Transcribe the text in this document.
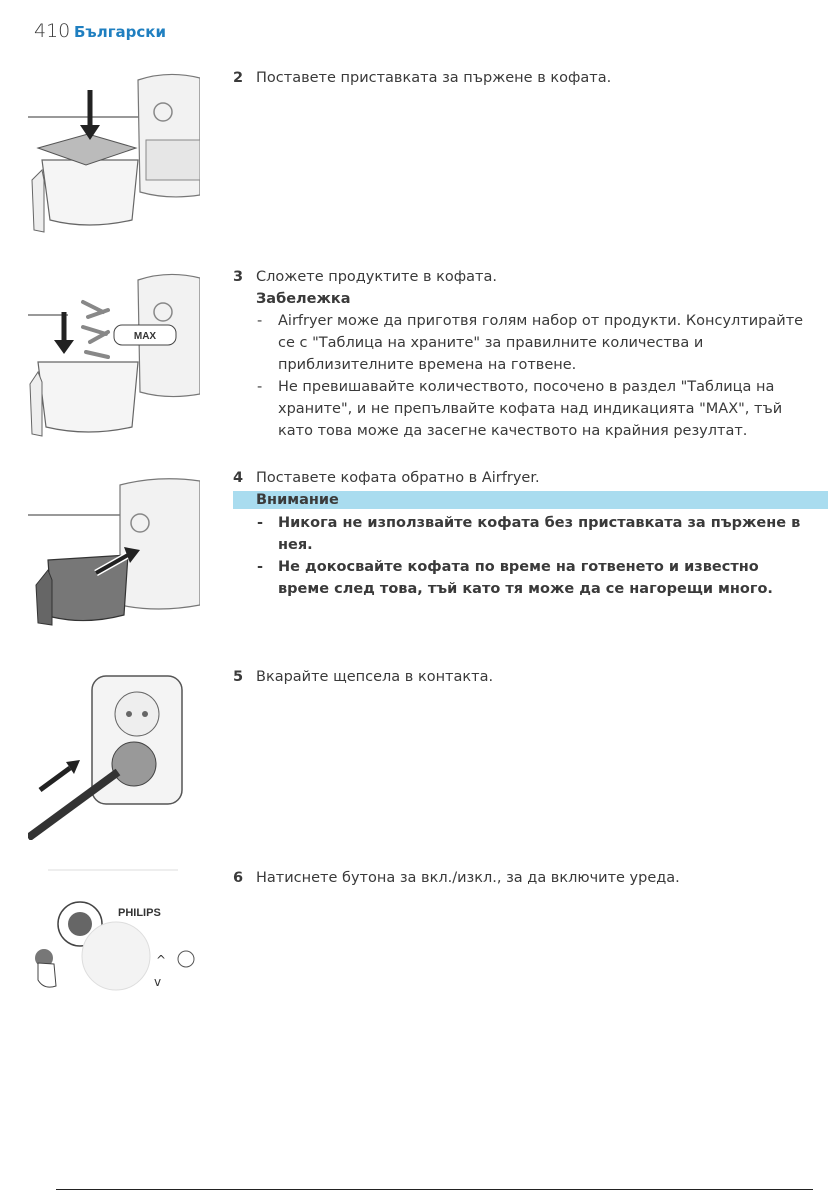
410 Български
MAX
PHILIPS
^
v
2 Поставете приставката за пържене в кофата.
3 Сложете продуктите в кофата.
Забележка
- Airfryer може да приготвя голям набор от продукти. Консултирайте се с "Таблица на храните" за правилните количества и приблизителните времена на готвене.
- Не превишавайте количеството, посочено в раздел "Таблица на храните", и не препълвайте кофата над индикацията "MAX", тъй като това може да засегне качеството на крайния резултат.
4 Поставете кофата обратно в Airfryer.
Внимание
- Никога не използвайте кофата без приставката за пържене в нея.
- Не докосвайте кофата по време на готвенето и известно време след това, тъй като тя може да се нагорещи много.
5 Вкарайте щепсела в контакта.
6 Натиснете бутона за вкл./изкл., за да включите уреда.
